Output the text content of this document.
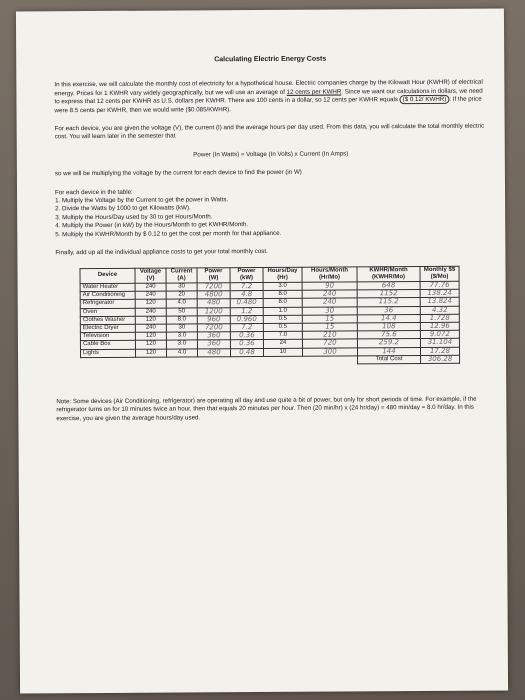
Calculating Electric Energy Costs

In this exercise, we will calculate the monthly cost of electricity for a hypothetical house. Electric companies charge by the Kilowatt Hour (KWHR) of electrical energy. Prices for 1 KWHR vary widely geographically, but we will use an average of 12 cents per KWHR. Since we want our calculations in dollars, we need to express that 12 cents per KWHR as U.S. dollars per KWHR. There are 100 cents in a dollar, so 12 cents per KWHR equals ($ 0.12/ KWHR) : If the price were 8.5 cents per KWHR, then we would write ($0.085/KWHR).

For each device, you are given the voltage (V), the current (I) and the average hours per day used. From this data, you will calculate the total monthly electric cost. You will learn later in the semester that

Power (In Watts) = Voltage (In Volts) x Current (In Amps)

so we will be multiplying the voltage by the current for each device to find the power (in W)

For each device in the table:
1. Multiply the Voltage by the Current to get the power in Watts.
2. Divide the Watts by 1000 to get Kilowatts (kW).
3. Multiply the Hours/Day used by 30 to get Hours/Month.
4. Multiply the Power (in kW) by the Hours/Month to get KWHR/Month.
5. Multiply the KWHR/Month by $ 0.12 to get the cost per month for that appliance.

Finally, add up all the individual appliance costs to get your total monthly cost.

Device	Voltage (V)	Current (A)	Power (W)	Power (kW)	Hours/Day (Hr)	Hours/Month (Hr/Mo)	KWHR/Month (KWHR/Mo)	Monthly $$ ($/Mo)
Water Heater	240	30	7200	7.2	3.0	90	648	77.76
Air Conditioning	240	20	4800	4.8	8.0	240	1152	138.24
Refrigerator	120	4.0	480	0.480	8.0	240	115.2	13.824
Oven	240	50	1200	1.2	1.0	30	36	4.32
Clothes Washer	120	8.0	960	0.960	0.5	15	14.4	1.728
Electric Dryer	240	30	7200	7.2	0.5	15	108	12.96
Television	120	3.0	360	0.36	7.0	210	75.6	9.072
Cable Box	120	3.0	360	0.36	24	720	259.2	31.104
Lights	120	4.0	480	0.48	10	300	144	17.28
							Total Cost	306.28

Note: Some devices (Air Conditioning, refrigerator) are operating all day and use quite a bit of power, but only for short periods of time. For example, if the refrigerator turns on for 10 minutes twice an hour, then that equals 20 minutes per hour. Then (20 min/hr) x (24 hr/day) = 480 min/day = 8.0 hr/day. In this exercise, you are given the average hours/day used.
